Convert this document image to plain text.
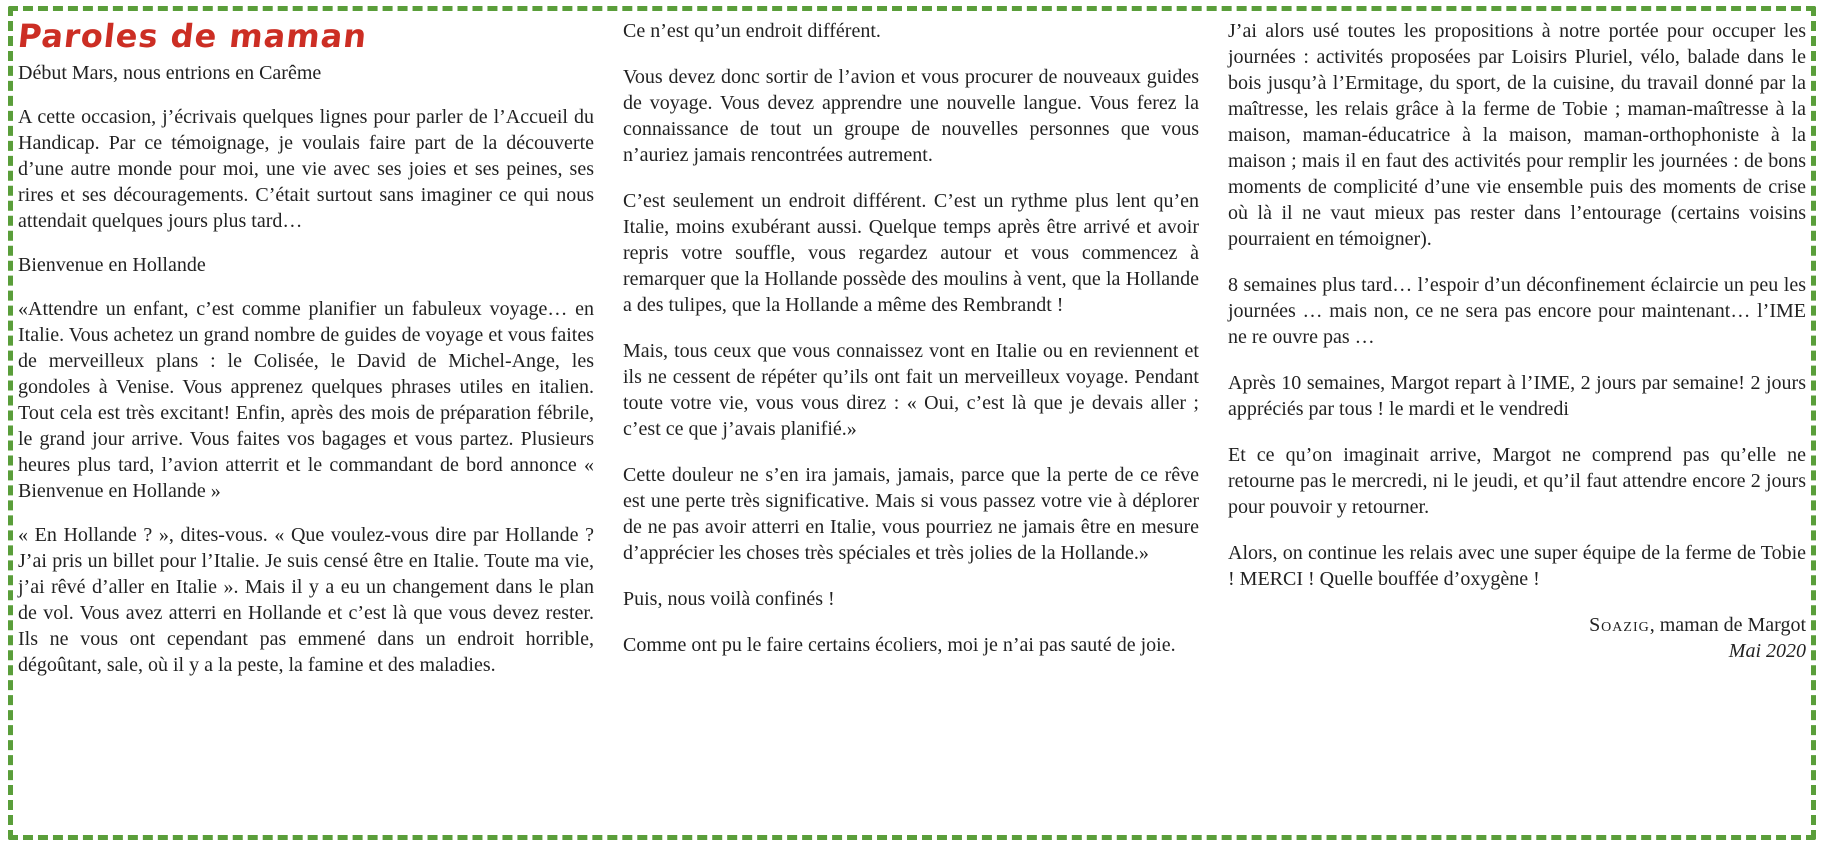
Paroles de maman

Début Mars, nous entrions en Carême

A cette occasion, j’écrivais quelques lignes pour parler de l’Accueil du Handicap. Par ce témoignage, je voulais faire part de la découverte d’une autre monde pour moi, une vie avec ses joies et ses peines, ses rires et ses découragements. C’était surtout sans imaginer ce qui nous attendait quelques jours plus tard…

Bienvenue en Hollande

«Attendre un enfant, c’est comme planifier un fabuleux voyage… en Italie. Vous achetez un grand nombre de guides de voyage et vous faites de merveilleux plans : le Colisée, le David de Michel-Ange, les gondoles à Venise. Vous apprenez quelques phrases utiles en italien. Tout cela est très excitant! Enfin, après des mois de préparation fébrile, le grand jour arrive. Vous faites vos bagages et vous partez. Plusieurs heures plus tard, l’avion atterrit et le commandant de bord annonce « Bienvenue en Hollande »

« En Hollande ? », dites-vous. « Que voulez-vous dire par Hollande ? J’ai pris un billet pour l’Italie. Je suis censé être en Italie. Toute ma vie, j’ai rêvé d’aller en Italie ». Mais il y a eu un changement dans le plan de vol. Vous avez atterri en Hollande et c’est là que vous devez rester. Ils ne vous ont cependant pas emmené dans un endroit horrible, dégoûtant, sale, où il y a la peste, la famine et des maladies.

Ce n’est qu’un endroit différent.

Vous devez donc sortir de l’avion et vous procurer de nouveaux guides de voyage. Vous devez apprendre une nouvelle langue. Vous ferez la connaissance de tout un groupe de nouvelles personnes que vous n’auriez jamais rencontrées autrement.

C’est seulement un endroit différent. C’est un rythme plus lent qu’en Italie, moins exubérant aussi. Quelque temps après être arrivé et avoir repris votre souffle, vous regardez autour et vous commencez à remarquer que la Hollande possède des moulins à vent, que la Hollande a des tulipes, que la Hollande a même des Rembrandt !

Mais, tous ceux que vous connaissez vont en Italie ou en reviennent et ils ne cessent de répéter qu’ils ont fait un merveilleux voyage. Pendant toute votre vie, vous vous direz : « Oui, c’est là que je devais aller ; c’est ce que j’avais planifié.»

Cette douleur ne s’en ira jamais, jamais, parce que la perte de ce rêve est une perte très significative. Mais si vous passez votre vie à déplorer de ne pas avoir atterri en Italie, vous pourriez ne jamais être en mesure d’apprécier les choses très spéciales et très jolies de la Hollande.»

Puis, nous voilà confinés !

Comme ont pu le faire certains écoliers, moi je n’ai pas sauté de joie.

J’ai alors usé toutes les propositions à notre portée pour occuper les journées : activités proposées par Loisirs Pluriel, vélo, balade dans le bois jusqu’à l’Ermitage, du sport, de la cuisine, du travail donné par la maîtresse, les relais grâce à la ferme de Tobie ; maman-maîtresse à la maison, maman-éducatrice à la maison, maman-orthophoniste à la maison ; mais il en faut des activités pour remplir les journées : de bons moments de complicité d’une vie ensemble puis des moments de crise où là il ne vaut mieux pas rester dans l’entourage (certains voisins pourraient en témoigner).

8 semaines plus tard… l’espoir d’un déconfinement éclaircie un peu les journées … mais non, ce ne sera pas encore pour maintenant… l’IME ne re ouvre pas …

Après 10 semaines, Margot repart à l’IME, 2 jours par semaine! 2 jours appréciés par tous ! le mardi et le vendredi

Et ce qu’on imaginait arrive, Margot ne comprend pas qu’elle ne retourne pas le mercredi, ni le jeudi, et qu’il faut attendre encore 2 jours pour pouvoir y retourner.

Alors, on continue les relais avec une super équipe de la ferme de Tobie ! MERCI ! Quelle bouffée d’oxygène !

Soazig, maman de Margot
Mai 2020
